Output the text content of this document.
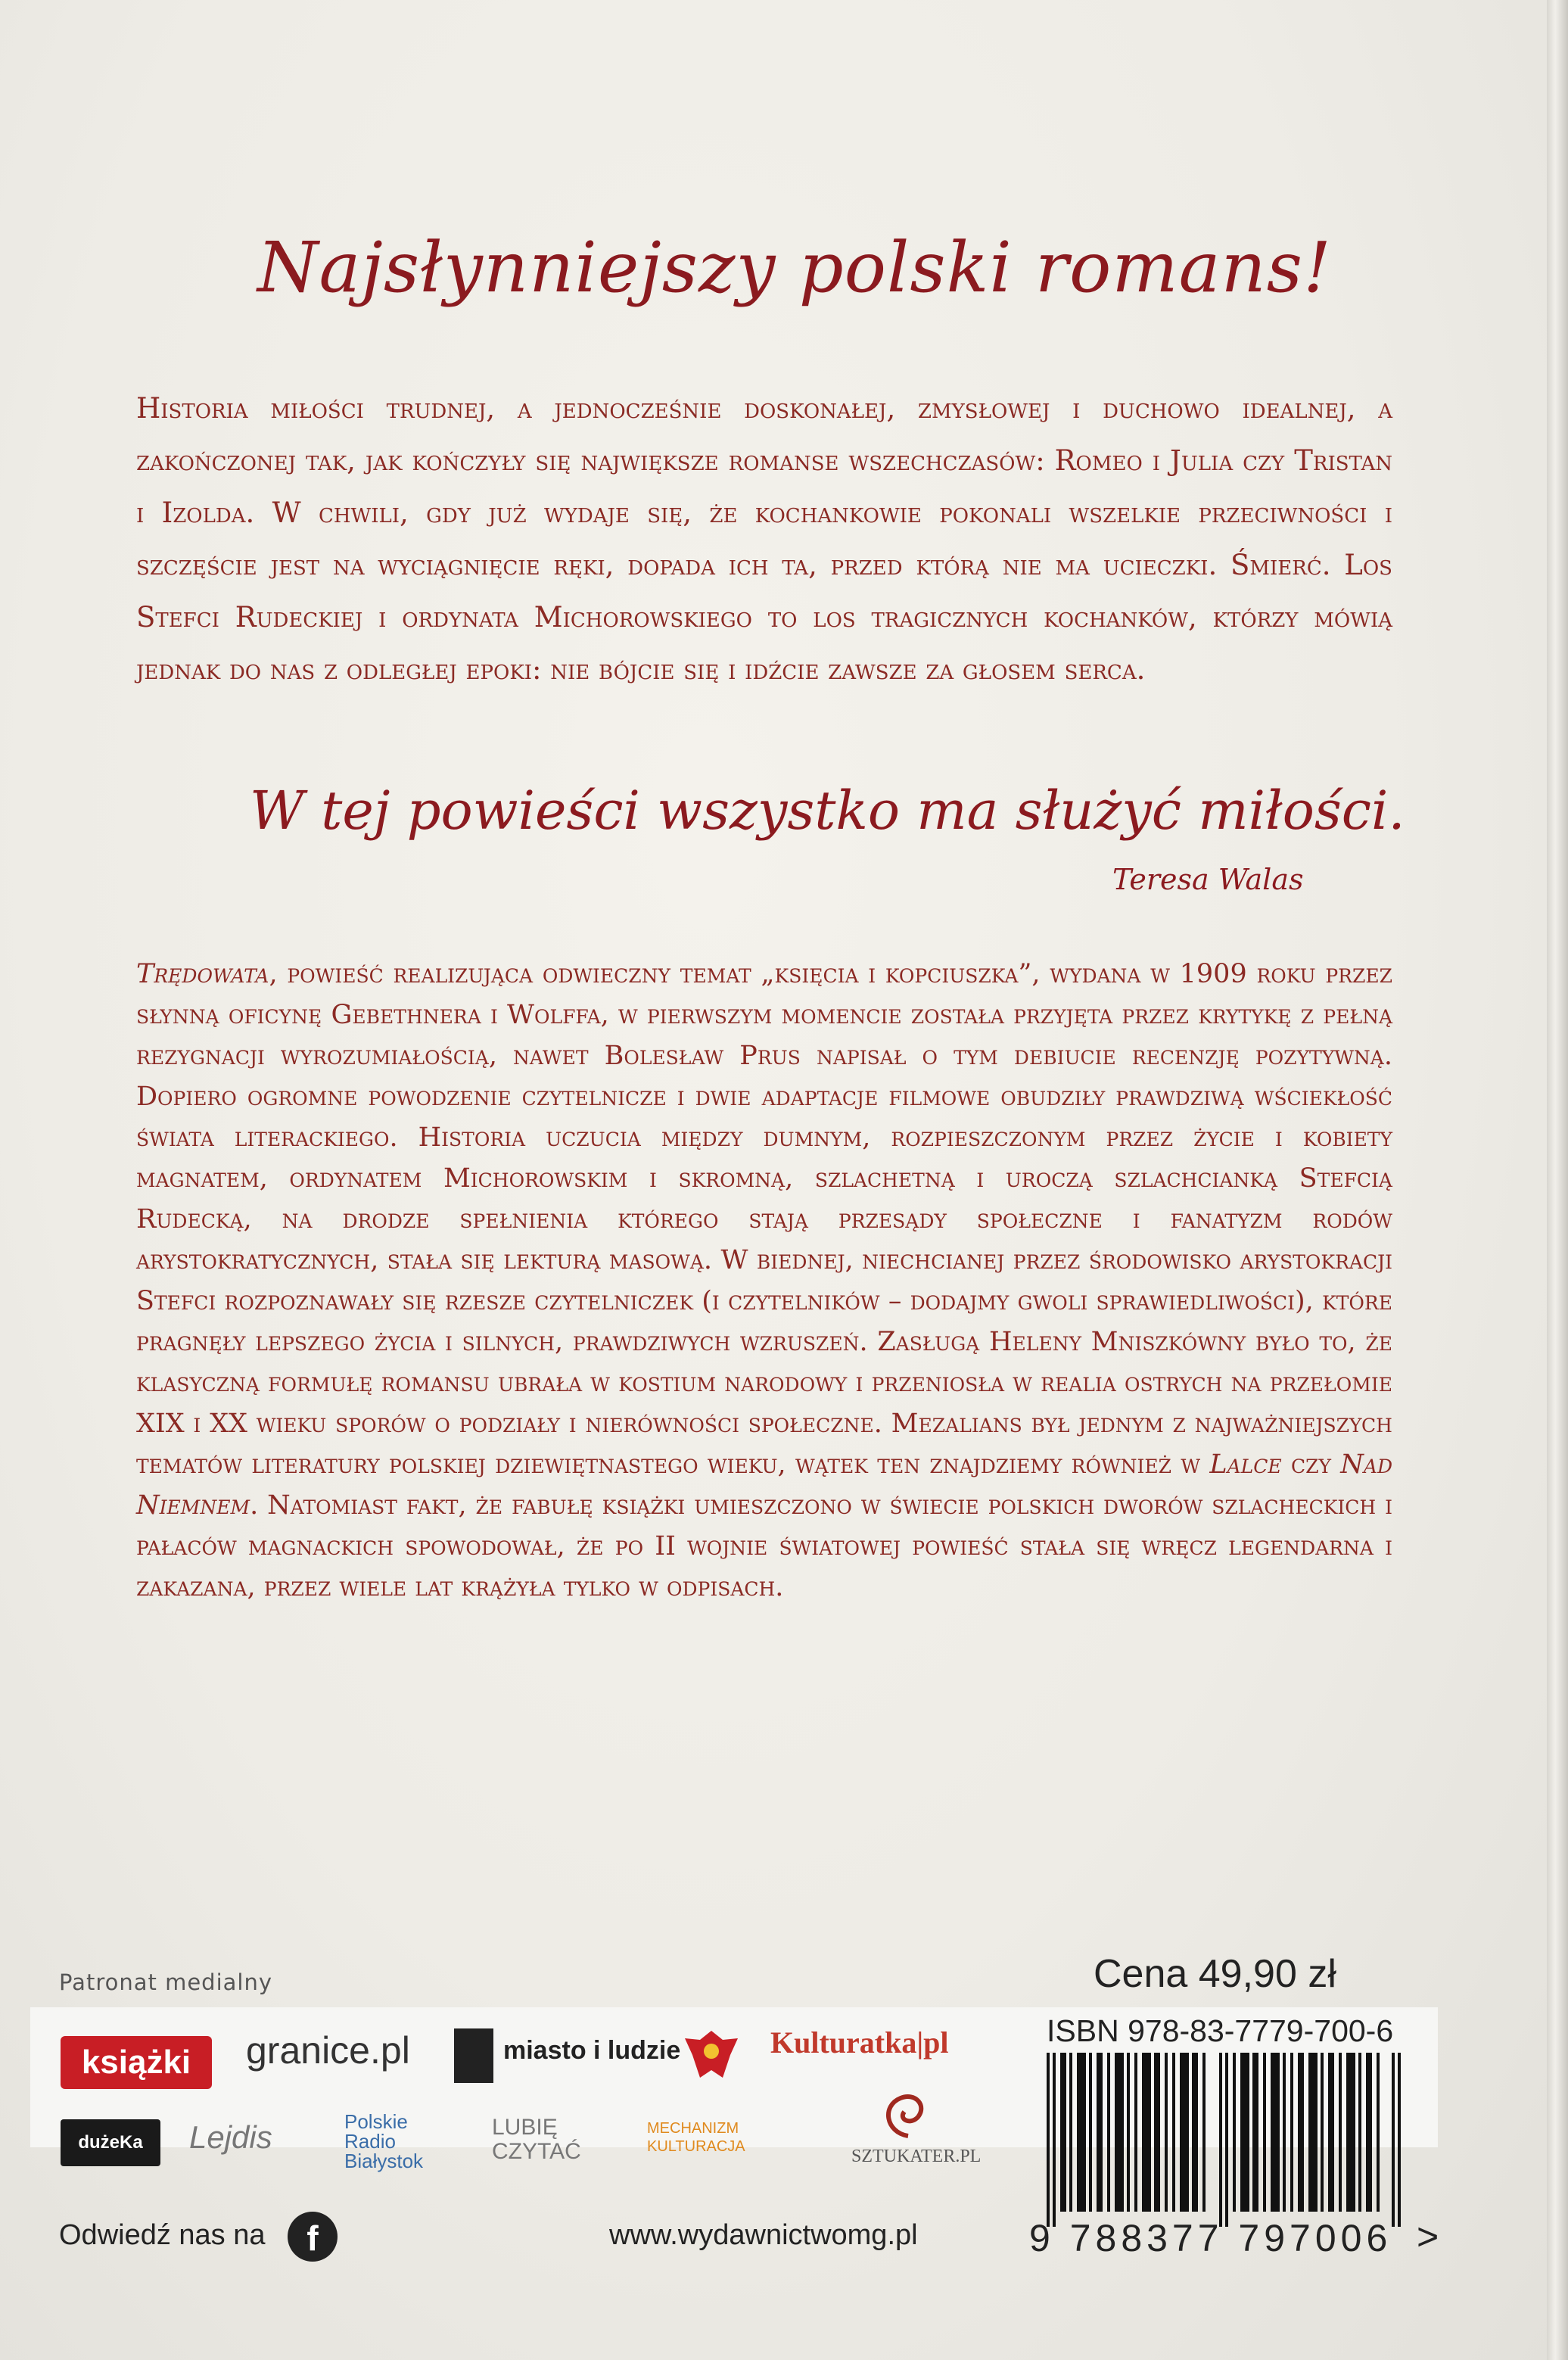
Najsłynniejszy polski romans!
Historia miłości trudnej, a jednocześnie doskonałej, zmysłowej i duchowo idealnej, a zakończonej tak, jak kończyły się największe romanse wszechczasów: Romeo i Julia czy Tristan i Izolda. W chwili, gdy już wydaje się, że kochankowie pokonali wszelkie przeciwności i szczęście jest na wyciągnięcie ręki, dopada ich ta, przed którą nie ma ucieczki. Śmierć. Los Stefci Rudeckiej i ordynata Michorowskiego to los tragicznych kochanków, którzy mówią jednak do nas z odległej epoki: nie bójcie się i idźcie zawsze za głosem serca.
W tej powieści wszystko ma służyć miłości.
Teresa Walas
Trędowata, powieść realizująca odwieczny temat „księcia i kopciuszka”, wydana w 1909 roku przez słynną oficynę Gebethnera i Wolffa, w pierwszym momencie została przyjęta przez krytykę z pełną rezygnacji wyrozumiałością, nawet Bolesław Prus napisał o tym debiucie recenzję pozytywną. Dopiero ogromne powodzenie czytelnicze i dwie adaptacje filmowe obudziły prawdziwą wściekłość świata literackiego. Historia uczucia między dumnym, rozpieszczonym przez życie i kobiety magnatem, ordynatem Michorowskim i skromną, szlachetną i uroczą szlachcianką Stefcią Rudecką, na drodze spełnienia którego stają przesądy społeczne i fanatyzm rodów arystokratycznych, stała się lekturą masową. W biednej, niechcianej przez środowisko arystokracji Stefci rozpoznawały się rzesze czytelniczek (i czytelników – dodajmy gwoli sprawiedliwości), które pragnęły lepszego życia i silnych, prawdziwych wzruszeń. Zasługą Heleny Mniszkówny było to, że klasyczną formułę romansu ubrała w kostium narodowy i przeniosła w realia ostrych na przełomie XIX i XX wieku sporów o podziały i nierówności społeczne. Mezalians był jednym z najważniejszych tematów literatury polskiej dziewiętnastego wieku, wątek ten znajdziemy również w Lalce czy Nad Niemnem. Natomiast fakt, że fabułę książki umieszczono w świecie polskich dworów szlacheckich i pałaców magnackich spowodował, że po II wojnie światowej powieść stała się wręcz legendarna i zakazana, przez wiele lat krążyła tylko w odpisach.
Patronat medialny	Cena 49,90 zł
książki	granice.pl	miasto i ludzie	Kulturatka|pl
dużeKa	Lejdis	Polskie Radio Białystok
LUBIĘ CZYTAĆ
MECHANIZM KULTURACJA	SZTUKATER.PL
ISBN 978-83-7779-700-6
9 788377 797006 >
Odwiedź nas na	f	www.wydawnictwomg.pl
